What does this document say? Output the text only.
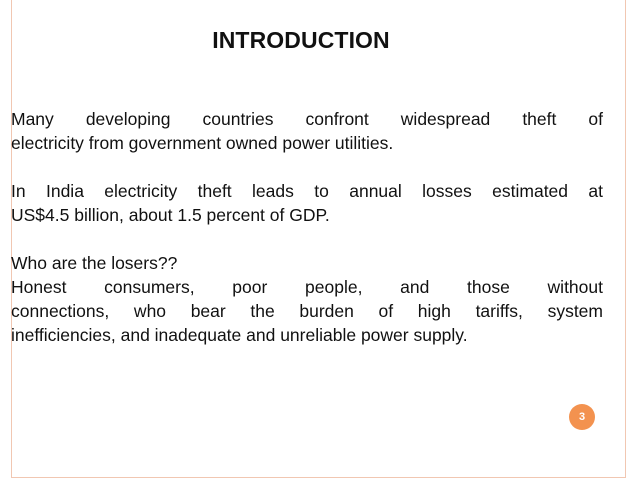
INTRODUCTION
Many developing countries confront widespread theft of
electricity from government owned power utilities.
In India electricity theft leads to annual losses estimated at
US$4.5 billion, about 1.5 percent of GDP.
Who are the losers??
Honest consumers, poor people, and those without
connections, who bear the burden of high tariffs, system
inefficiencies, and inadequate and unreliable power supply.
3
